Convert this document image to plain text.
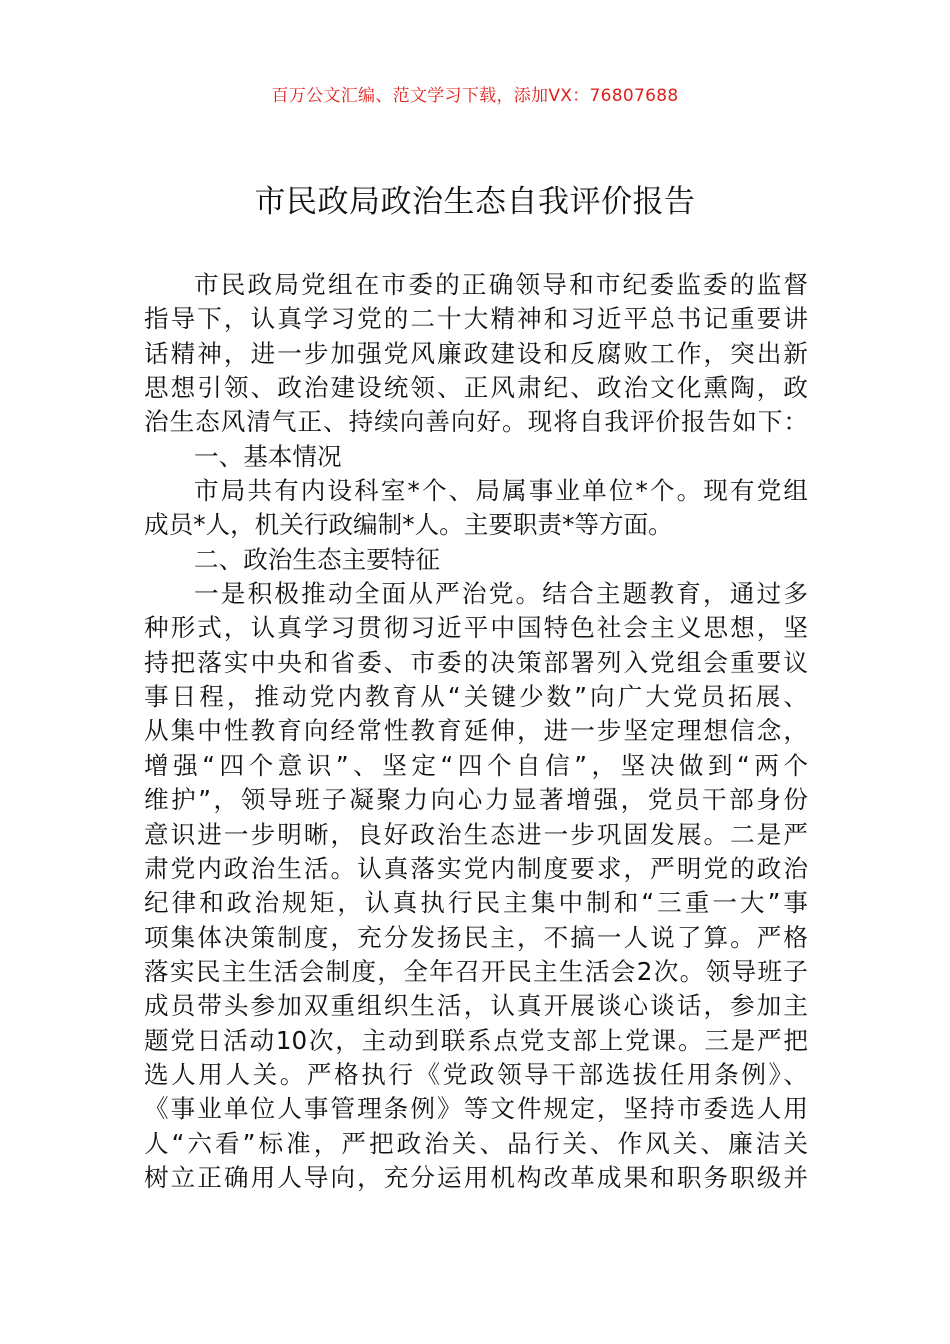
百万公文汇编、范文学习下载，添加VX：76807688
市民政局政治生态自我评价报告
市民政局党组在市委的正确领导和市纪委监委的监督
指导下，认真学习党的二十大精神和习近平总书记重要讲
话精神，进一步加强党风廉政建设和反腐败工作，突出新
思想引领、政治建设统领、正风肃纪、政治文化熏陶，政
治生态风清气正、持续向善向好。现将自我评价报告如下：
一、基本情况
市局共有内设科室*个、局属事业单位*个。现有党组
成员*人，机关行政编制*人。主要职责*等方面。
二、政治生态主要特征
一是积极推动全面从严治党。结合主题教育，通过多
种形式，认真学习贯彻习近平中国特色社会主义思想，坚
持把落实中央和省委、市委的决策部署列入党组会重要议
事日程，推动党内教育从“关键少数”向广大党员拓展、
从集中性教育向经常性教育延伸，进一步坚定理想信念，
增强“四个意识”、坚定“四个自信”，坚决做到“两个
维护”，领导班子凝聚力向心力显著增强，党员干部身份
意识进一步明晰，良好政治生态进一步巩固发展。二是严
肃党内政治生活。认真落实党内制度要求，严明党的政治
纪律和政治规矩，认真执行民主集中制和“三重一大”事
项集体决策制度，充分发扬民主，不搞一人说了算。严格
落实民主生活会制度，全年召开民主生活会2次。领导班子
成员带头参加双重组织生活，认真开展谈心谈话，参加主
题党日活动10次，主动到联系点党支部上党课。三是严把
选人用人关。严格执行《党政领导干部选拔任用条例》、
《事业单位人事管理条例》等文件规定，坚持市委选人用
人“六看”标准，严把政治关、品行关、作风关、廉洁关
树立正确用人导向，充分运用机构改革成果和职务职级并
